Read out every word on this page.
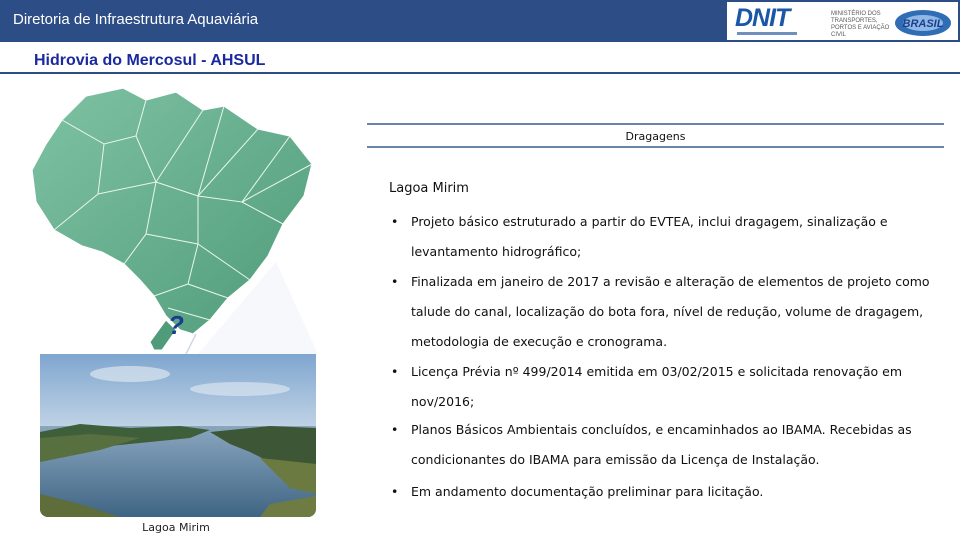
Diretoria de Infraestrutura Aquaviária	DNIT	MINISTÉRIO DOS TRANSPORTES, PORTOS E AVIAÇÃO CIVIL
BRASIL
Hidrovia do Mercosul - AHSUL
?
Lagoa Mirim
Dragagens
Lagoa Mirim
• Projeto básico estruturado a partir do EVTEA, inclui dragagem, sinalização e levantamento hidrográfico;
• Finalizada em janeiro de 2017 a revisão e alteração de elementos de projeto como talude do canal, localização do bota fora, nível de redução, volume de dragagem, metodologia de execução e cronograma.
• Licença Prévia nº 499/2014 emitida em 03/02/2015 e solicitada renovação em nov/2016;
• Planos Básicos Ambientais concluídos, e encaminhados ao IBAMA. Recebidas as condicionantes do IBAMA para emissão da Licença de Instalação.
• Em andamento documentação preliminar para licitação.
